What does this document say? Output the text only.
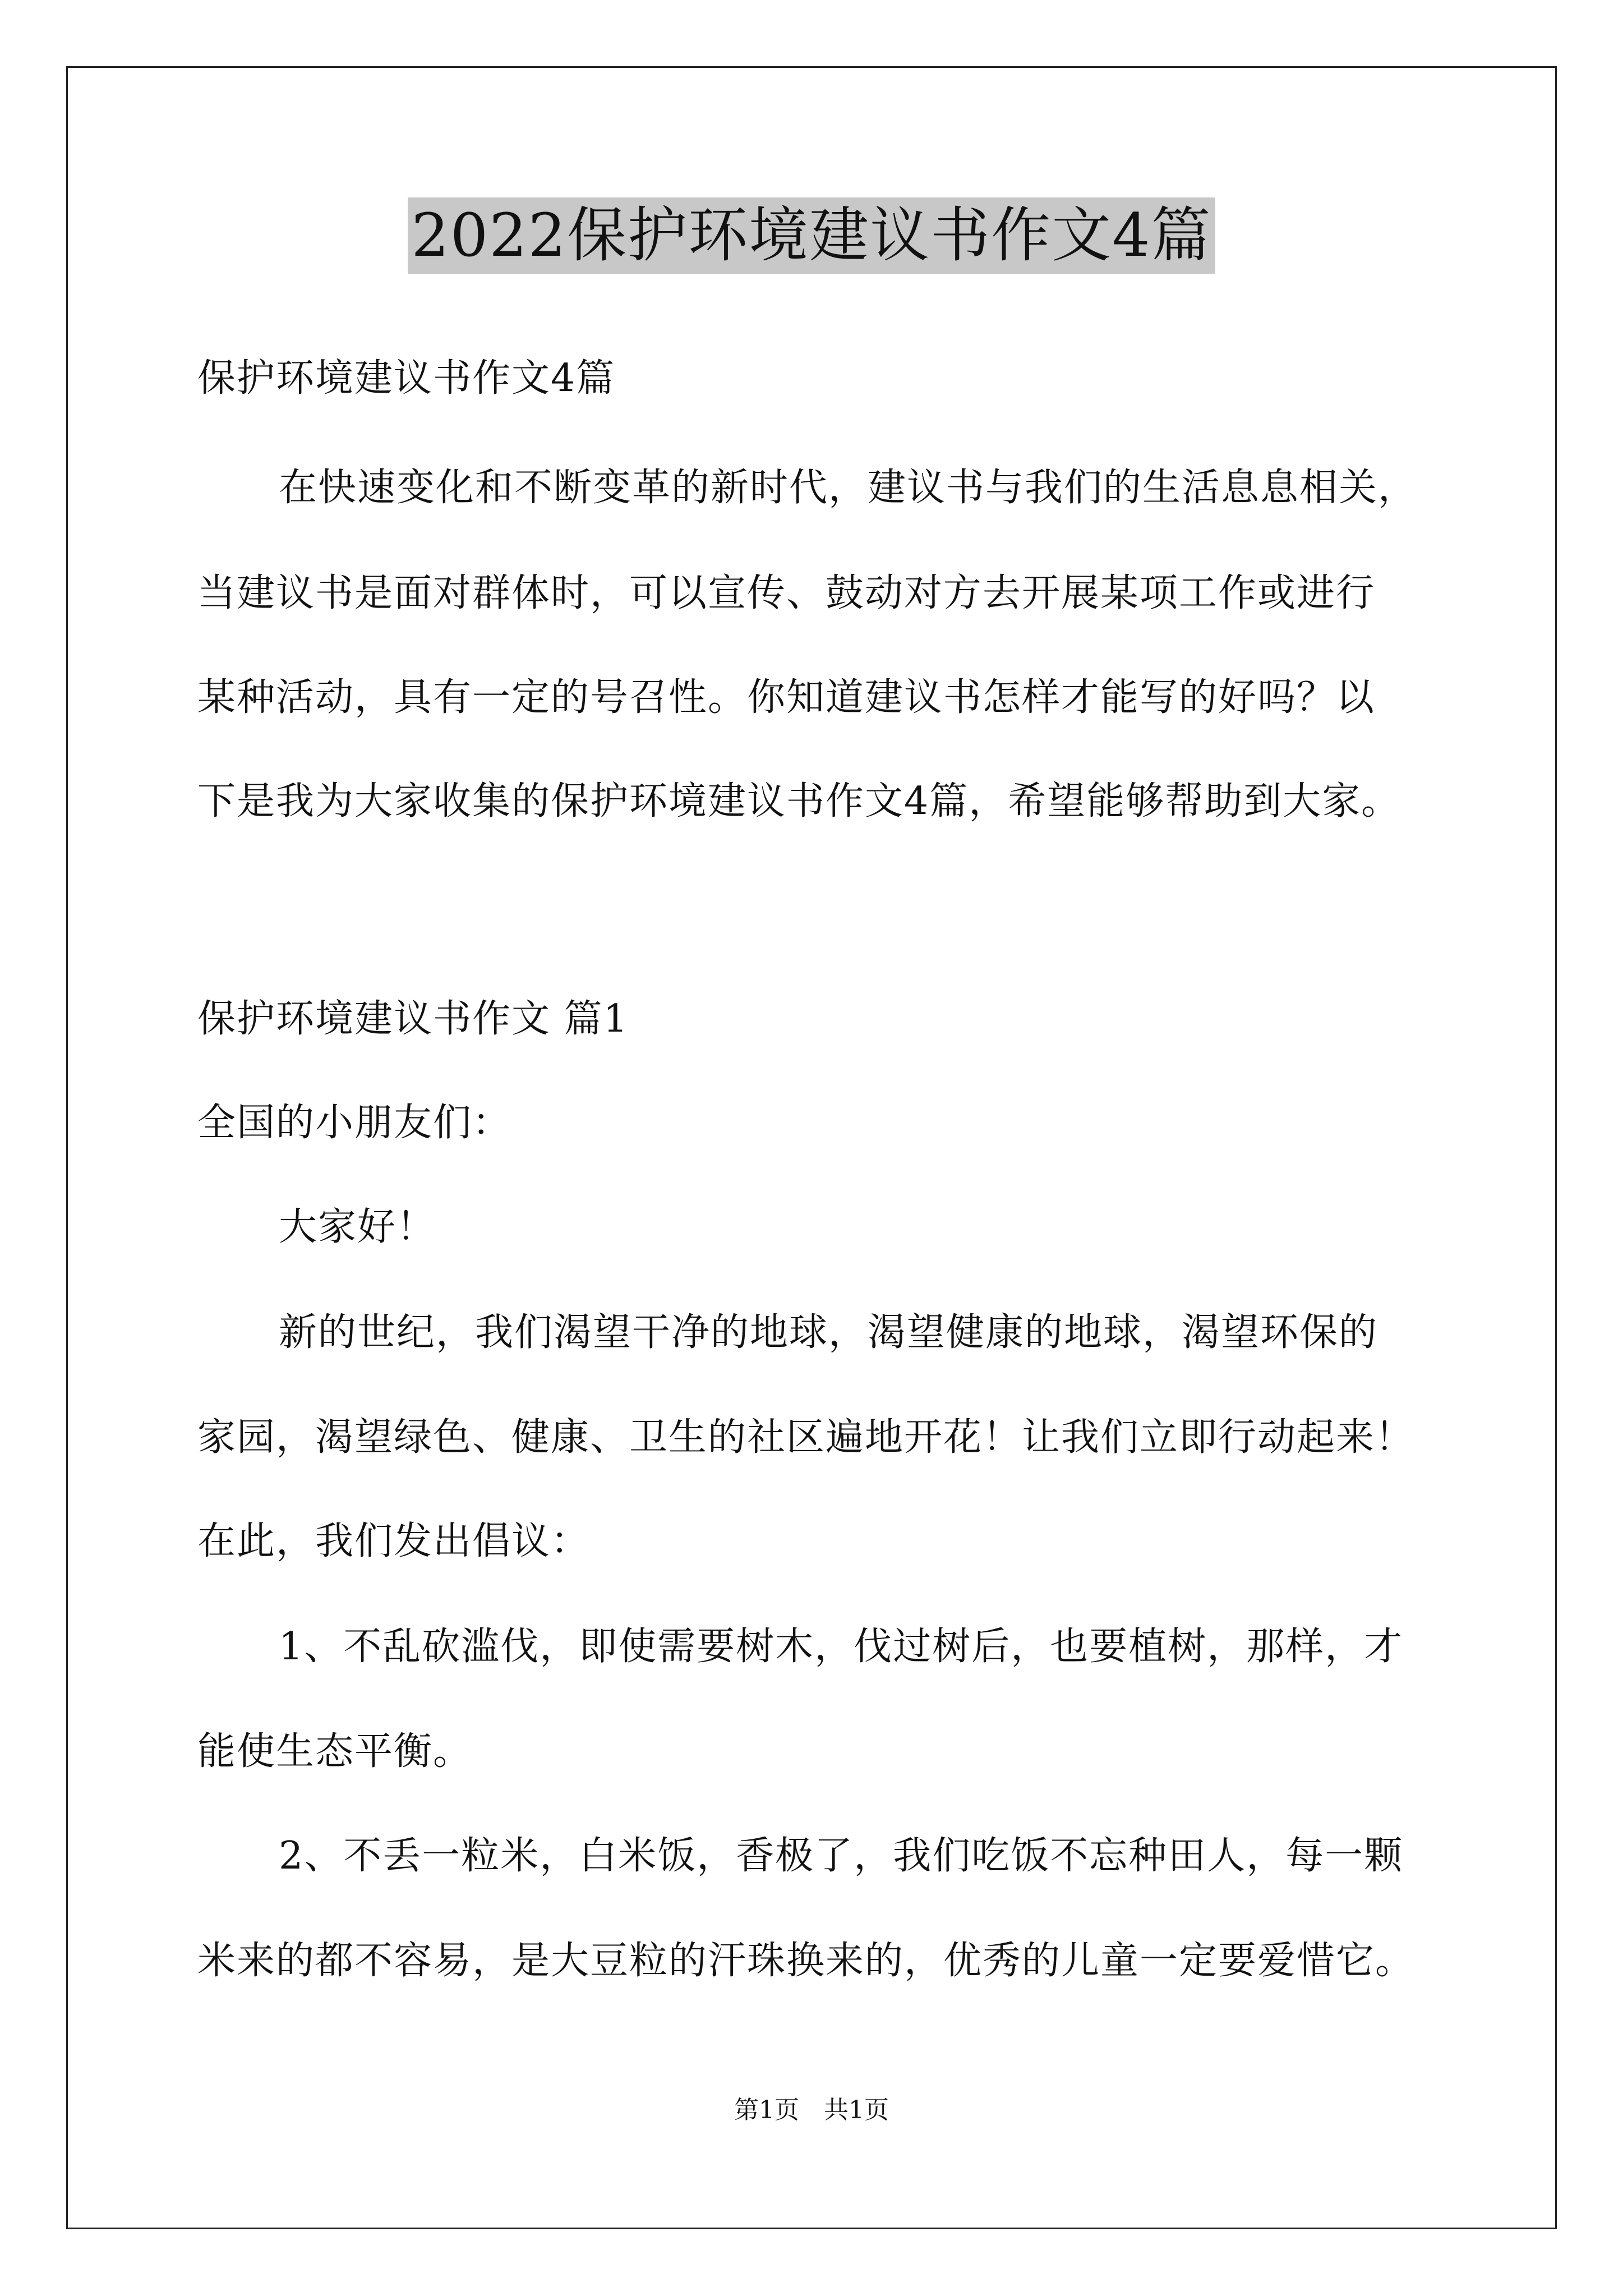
2022保护环境建议书作文4篇
保护环境建议书作文4篇
在快速变化和不断变革的新时代，建议书与我们的生活息息相关，
当建议书是面对群体时，可以宣传、鼓动对方去开展某项工作或进行
某种活动，具有一定的号召性。你知道建议书怎样才能写的好吗？以
下是我为大家收集的保护环境建议书作文4篇，希望能够帮助到大家。
保护环境建议书作文 篇1
全国的小朋友们：
大家好！
新的世纪，我们渴望干净的地球，渴望健康的地球，渴望环保的
家园，渴望绿色、健康、卫生的社区遍地开花！让我们立即行动起来！
在此，我们发出倡议：
1、不乱砍滥伐，即使需要树木，伐过树后，也要植树，那样，才
能使生态平衡。
2、不丢一粒米，白米饭，香极了，我们吃饭不忘种田人，每一颗
米来的都不容易，是大豆粒的汗珠换来的，优秀的儿童一定要爱惜它。
第1页　共1页
